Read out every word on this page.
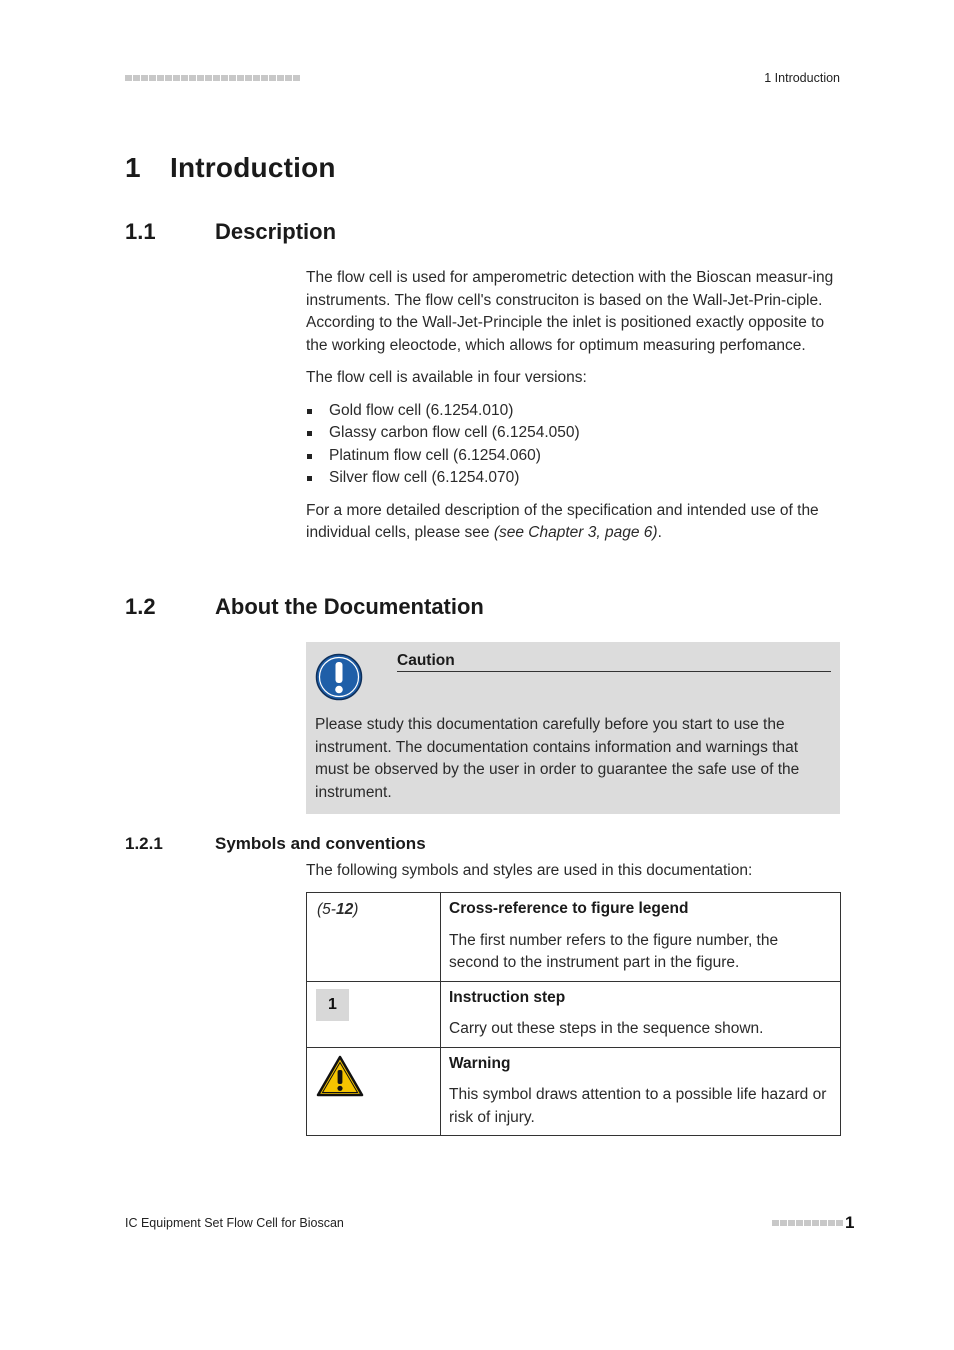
1 Introduction
1 Introduction
1.1	Description

The flow cell is used for amperometric detection with the Bioscan measur-ing instruments. The flow cell's construciton is based on the Wall-Jet-Prin-ciple. According to the Wall-Jet-Principle the inlet is positioned exactly opposite to the working eleoctode, which allows for optimum measuring perfomance.

The flow cell is available in four versions:

Gold flow cell (6.1254.010)
Glassy carbon flow cell (6.1254.050)
Platinum flow cell (6.1254.060)
Silver flow cell (6.1254.070)

For a more detailed description of the specification and intended use of the individual cells, please see (see Chapter 3, page 6).

1.2	About the Documentation
Caution
Please study this documentation carefully before you start to use the instrument. The documentation contains information and warnings that must be observed by the user in order to guarantee the safe use of the instrument.
1.2.1	Symbols and conventions
The following symbols and styles are used in this documentation:
(5-12)	Cross-reference to figure legend
The first number refers to the figure number, the second to the instrument part in the figure.

1	Instruction step
Carry out these steps in the sequence shown.

Warning
This symbol draws attention to a possible life hazard or risk of injury.
IC Equipment Set Flow Cell for Bioscan	1
